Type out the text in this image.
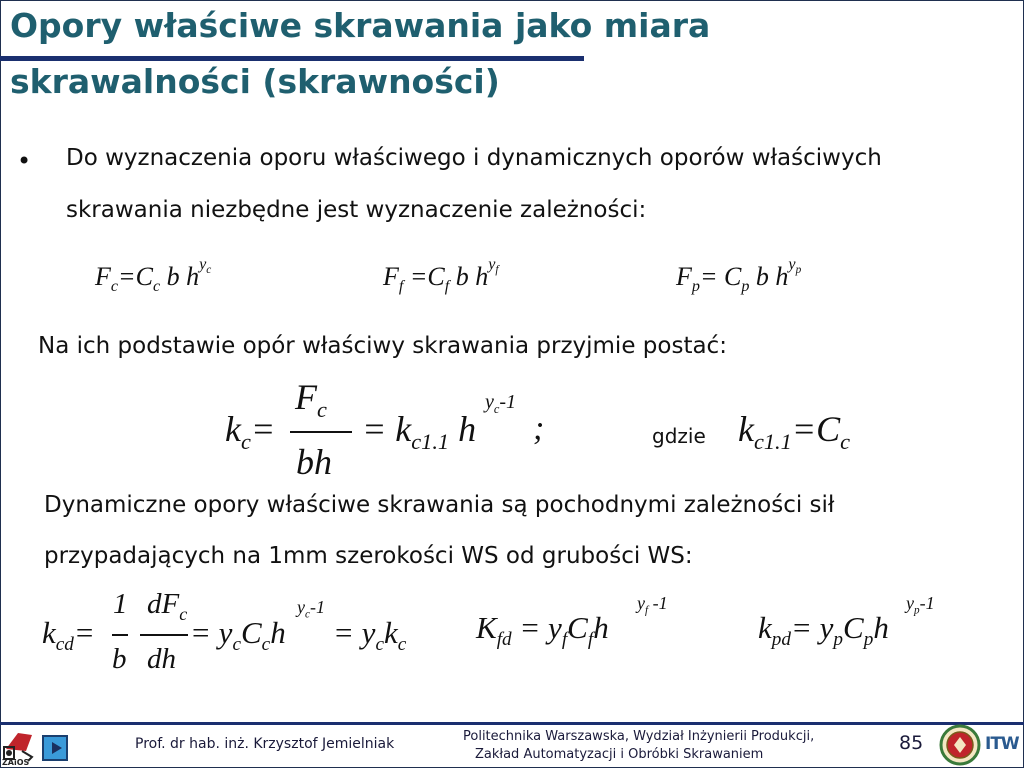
Opory właściwe skrawania jako miara
skrawalności (skrawności)
• Do wyznaczenia oporu właściwego i dynamicznych oporów właściwych
skrawania niezbędne jest wyznaczenie zależności:
$F_c=C_c$ b $h^{y_c}$	$F_f =C_f$ b $h^{y_f}$	$F_p= C_p$ b $h^{y_p}$
Na ich podstawie opór właściwy skrawania przyjmie postać:
$k_c=$
$F_c$
bh
= $k_{c1.1}$ h
$y_c-1$
;	gdzie $k_{c1.1}=C_c$
Dynamiczne opory właściwe skrawania są pochodnymi zależności sił
przypadających na 1mm szerokości WS od grubości WS:
$k_{cd}=$
1
b
$dF_c$
dh
= $y_cC_ch$
$y_c-1$
= $y_ck_c$ $K_{fd} = y_fC_fh$
$y_f$ -1
$k_{pd}= y_pC_ph$
$y_p-1$
ZAiOS
Prof. dr hab. inż. Krzysztof Jemielniak	Politechnika Warszawska, Wydział Inżynierii Produkcji,
Zakład Automatyzacji i Obróbki Skrawaniem
85	ITW
